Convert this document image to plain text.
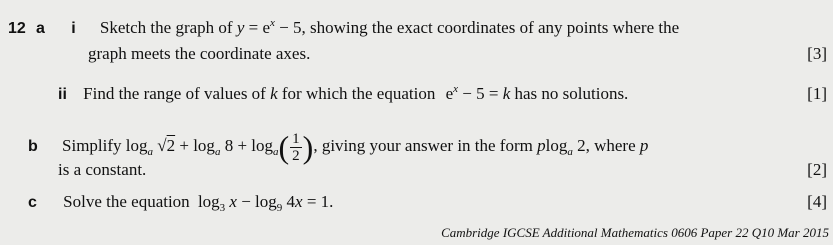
12 a i Sketch the graph of $y = e^x - 5$, showing the exact coordinates of any points where the
graph meets the coordinate axes.	[3]
ii Find the range of values of k for which the equation $e^x - 5 = k$ has no solutions.	[1]
b Simplify $\log_a √2 + \log_a 8 + \log_a( \frac{1}{2}$ ), giving your answer in the form plog$_a$ 2, where p
is a constant.	[2]
c Solve the equation $\log_3 x - \log_9 4x = 1$.	[4]
Cambridge IGCSE Additional Mathematics 0606 Paper 22 Q10 Mar 2015
